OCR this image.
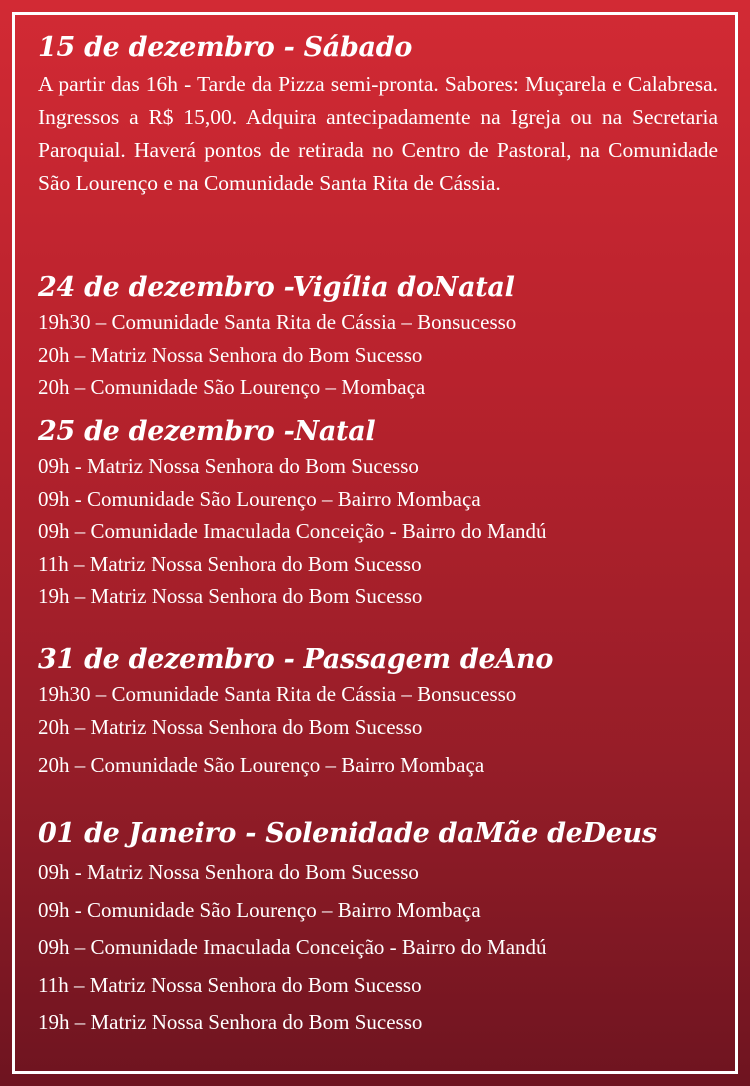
15 de dezembro - Sábado
A partir das 16h - Tarde da Pizza semi-pronta. Sabores: Muçarela e Calabresa. Ingressos a R$ 15,00. Adquira antecipadamente na Igreja ou na Secretaria Paroquial. Haverá pontos de retirada no Centro de Pastoral, na Comunidade São Lourenço e na Comunidade Santa Rita de Cássia.
24 de dezembro -Vigília doNatal
19h30 – Comunidade Santa Rita de Cássia – Bonsucesso
20h – Matriz Nossa Senhora do Bom Sucesso
20h – Comunidade São Lourenço – Mombaça
25 de dezembro -Natal
09h - Matriz Nossa Senhora do Bom Sucesso
09h - Comunidade São Lourenço – Bairro Mombaça
09h – Comunidade Imaculada Conceição - Bairro do Mandú
11h – Matriz Nossa Senhora do Bom Sucesso
19h – Matriz Nossa Senhora do Bom Sucesso
31 de dezembro - Passagem deAno
19h30 – Comunidade Santa Rita de Cássia – Bonsucesso
20h – Matriz Nossa Senhora do Bom Sucesso
20h – Comunidade São Lourenço – Bairro Mombaça
01 de Janeiro - Solenidade daMãe deDeus
09h - Matriz Nossa Senhora do Bom Sucesso
09h - Comunidade São Lourenço – Bairro Mombaça
09h – Comunidade Imaculada Conceição - Bairro do Mandú
11h – Matriz Nossa Senhora do Bom Sucesso
19h – Matriz Nossa Senhora do Bom Sucesso
